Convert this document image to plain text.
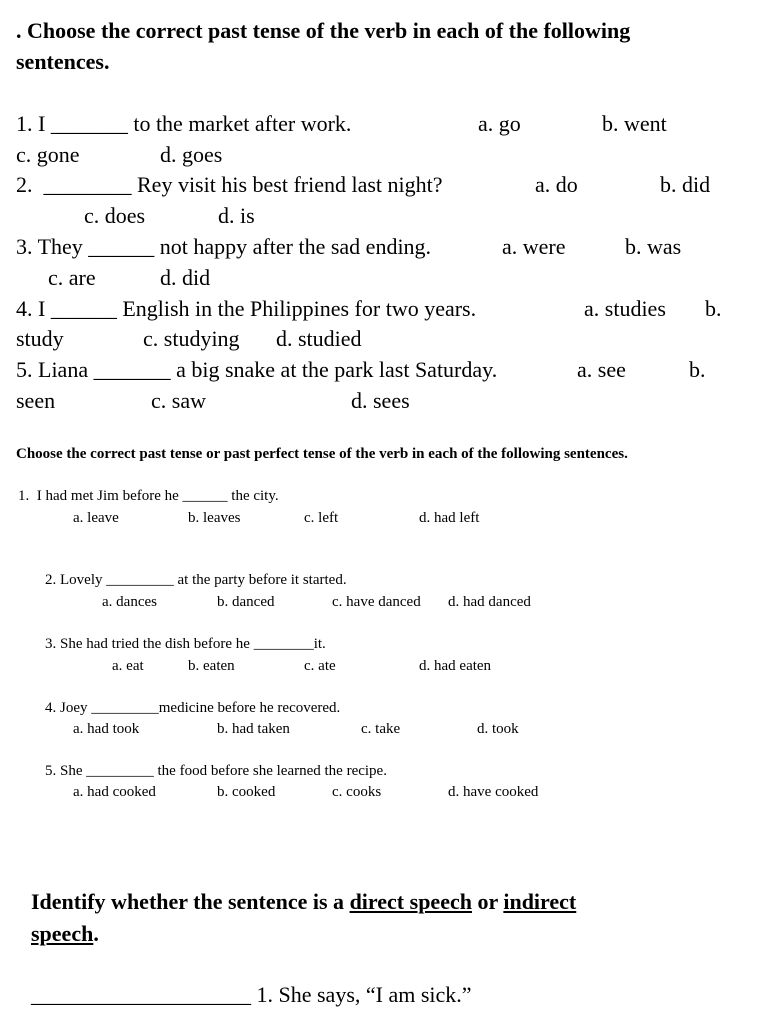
. Choose the correct past tense of the verb in each of the following
sentences.
1. I _______ to the market after work.	a. go	b. went
c. gone	d. goes
2.  ________ Rey visit his best friend last night?	a. do	b. did
c. does	d. is
3. They ______ not happy after the sad ending.	a. were	b. was
c. are	d. did
4. I ______ English in the Philippines for two years.	a. studies b.
study	c. studying d. studied
5. Liana _______ a big snake at the park last Saturday.	a. see	b.
seen	c. saw	d. sees
Choose the correct past tense or past perfect tense of the verb in each of the following sentences.
1.  I had met Jim before he ______ the city.
a. leave	b. leaves	c. left	d. had left
2. Lovely _________ at the party before it started.
a. dances	b. danced	c. have danced d. had danced
3. She had tried the dish before he ________it.
a. eat	b. eaten	c. ate	d. had eaten
4. Joey _________medicine before he recovered.
a. had took	b. had taken	c. take	d. took
5. She _________ the food before she learned the recipe.
a. had cooked	b. cooked	c. cooks	d. have cooked
Identify whether the sentence is a direct speech or indirect
speech.
____________________ 1. She says, “I am sick.”
